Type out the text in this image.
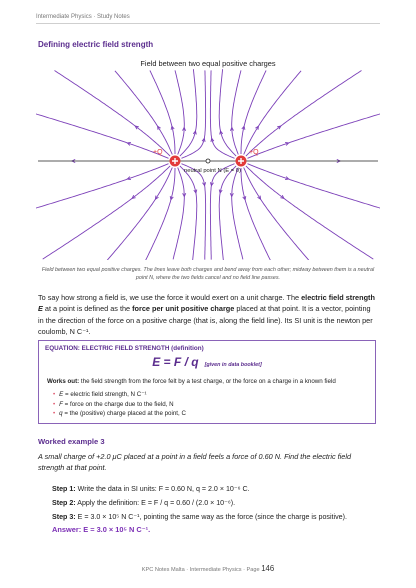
Intermediate Physics · Study Notes
Defining electric field strength
+Q	+Q
neutral point N (E = 0)
Field between two equal positive charges
Field between two equal positive charges. The lines leave both charges and bend away from each other; midway between them is a neutral point N, where the two fields cancel and no field line passes.
To say how strong a field is, we use the force it would exert on a unit charge. The electric field strength E at a point is defined as the force per unit positive charge placed at that point. It is a vector, pointing in the direction of the force on a positive charge (that is, along the field line). Its SI unit is the newton per coulomb, N C⁻¹.
EQUATION: ELECTRIC FIELD STRENGTH (definition)
E = F / q [given in data booklet]
Works out: the field strength from the force felt by a test charge, or the force on a charge in a known field
• E = electric field strength, N C⁻¹
• F = force on the charge due to the field, N
• q = the (positive) charge placed at the point, C
Worked example 3
A small charge of +2.0 μC placed at a point in a field feels a force of 0.60 N. Find the electric field strength at that point.
Step 1: Write the data in SI units: F = 0.60 N, q = 2.0 × 10⁻⁶ C.
Step 2: Apply the definition: E = F / q = 0.60 / (2.0 × 10⁻⁶).
Step 3: E = 3.0 × 10⁵ N C⁻¹, pointing the same way as the force (since the charge is positive).
Answer: E = 3.0 × 10⁵ N C⁻¹.
KPC Notes Malta · Intermediate Physics · Page 146
